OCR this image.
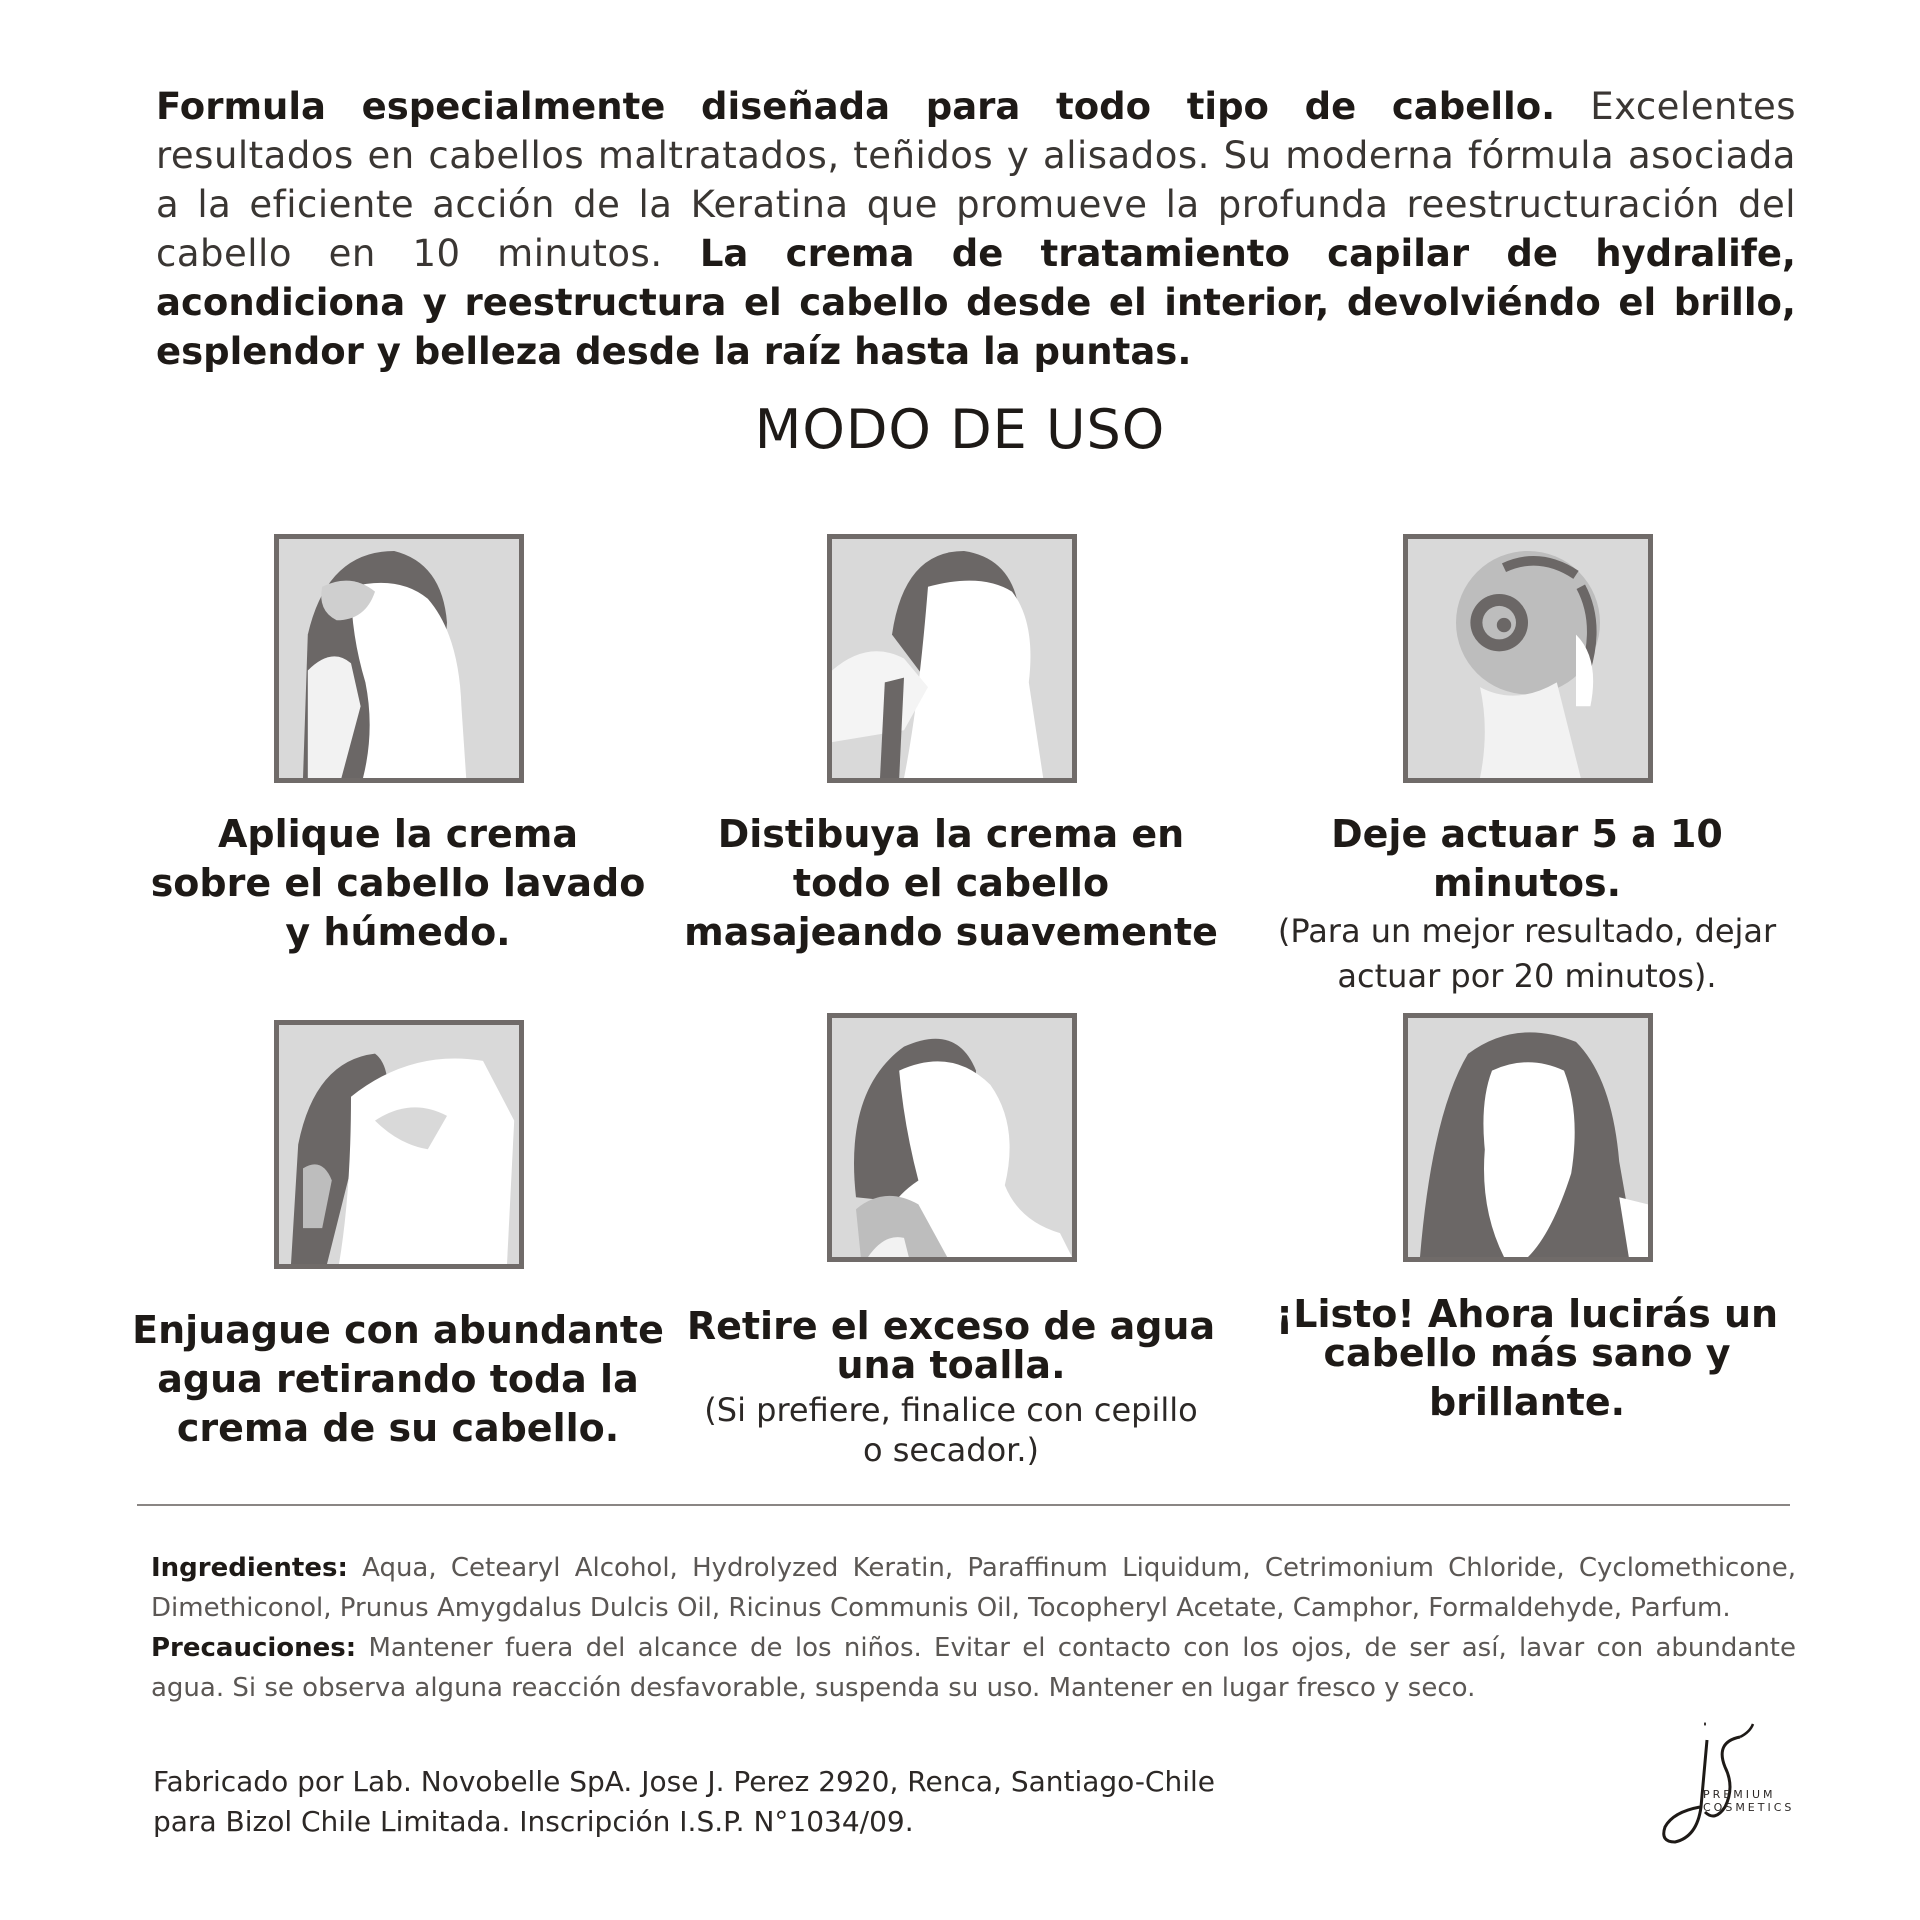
Formula especialmente diseñada para todo tipo de cabello. Excelentes resultados en cabellos maltratados, teñidos y alisados. Su moderna fórmula asociada a la eficiente acción de la Keratina que promueve la profunda reestructuración del cabello en 10 minutos. La crema de tratamiento capilar de hydralife, acondiciona y reestructura el cabello desde el interior, devolviéndo el brillo, esplendor y belleza desde la raíz hasta la puntas.
MODO DE USO
Aplique la crema
sobre el cabello lavado
y húmedo.
Distibuya la crema en
todo el cabello
masajeando suavemente
Deje actuar 5 a 10 minutos.
(Para un mejor resultado, dejar
actuar por 20 minutos).
Enjuague con abundante
agua retirando toda la
crema de su cabello.
Retire el exceso de agua
una toalla.
(Si prefiere, finalice con cepillo
o secador.)
¡Listo! Ahora lucirás un
cabello más sano y brillante.
Ingredientes: Aqua, Cetearyl Alcohol, Hydrolyzed Keratin, Paraffinum Liquidum, Cetrimonium Chloride, Cyclomethicone, Dimethiconol, Prunus Amygdalus Dulcis Oil, Ricinus Communis Oil, Tocopheryl Acetate, Camphor, Formaldehyde, Parfum.
Precauciones: Mantener fuera del alcance de los niños. Evitar el contacto con los ojos, de ser así, lavar con abundante agua. Si se observa alguna reacción desfavorable, suspenda su uso. Mantener en lugar fresco y seco.
Fabricado por Lab. Novobelle SpA. Jose J. Perez 2920, Renca, Santiago-Chile
para Bizol Chile Limitada. Inscripción I.S.P. N°1034/09.
PREMIUM
COSMETICS
